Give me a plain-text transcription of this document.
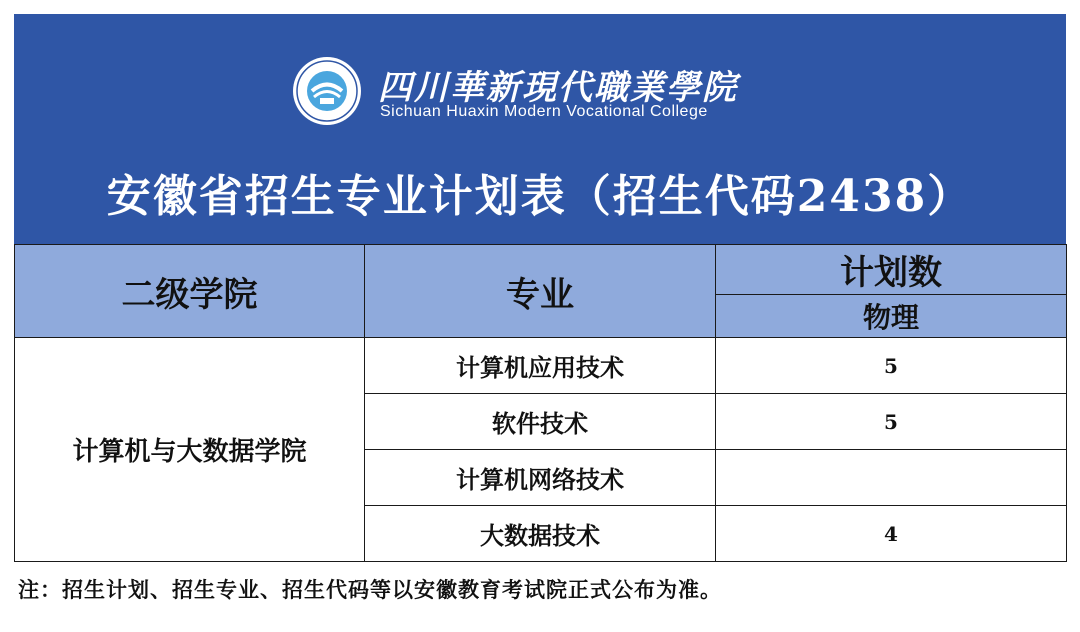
四川華新現代職業學院
Sichuan Huaxin Modern Vocational College
安徽省招生专业计划表（招生代码2438）
二级学院	专业	计划数
		物理
计算机与大数据学院	计算机应用技术	5
	软件技术	5
	计算机网络技术	
	大数据技术	4
注：招生计划、招生专业、招生代码等以安徽教育考试院正式公布为准。
